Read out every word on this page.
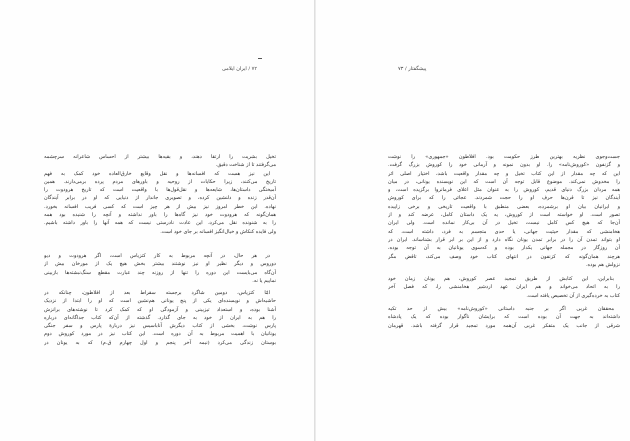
۷۲ / ایران ایلامی
تخیل بشریت را ارتقا دهند، و بقیه‌ها بیشتر از احساس شاعرانه سرچشمه
می‌گرفتند تا از شناخت دقیق.
این نیز هست که افسانه‌ها و نقل وقایع خارق‌العاده خود کمک به فهم
تاریخ می‌کنند، زیرا حکایات از روحیه و باورهای مردم پرده برمی‌دارند. همین
آمیختگی داستان‌ها، شایعه‌ها و نقل‌قول‌ها با واقعیت است که تاریخ هرودوت را
آن‌قدر زنده و دلنشین کرده، و تصویری جاندار از دنیایی که او در برابر آیندگان
نهاده. این خطر امروز نیز بیش از هر چیز است که کسی فریب افسانه بخورد.
همان‌گونه که هرودوت خود نیز گاه‌ها را باور نداشته و آنچه را شنیده بود همه
را به شنونده نقل می‌کرد، این عادت نادرستی نیست که همه آنها را باور داشته باشیم.
ولی فایده کنکاش و خیال‌انگیز افسانه بر جای خود است.
در هر حال، در آنچه مربوط به کار کتزیاس است، اگر هرودوت و دیو
دوروس و دیگر نظیر او نیز نوشتند بیشتر بخش هیچ یک از مورخان بیش از
آن‌گاه می‌بایست این دوره را تنها از روزنه چند عبارت مقطع سنگ‌نبشته‌ها بازبینی
نماییم یا نه.
امّا کتزیاس، دومین شاگرد برجسته سقراط بعد از افلاطون، چنانکه در
حاشیه‌اش و نویسنده‌ای یکی از پنج یونانی هم‌نشین است که او را ابتدا از نزدیک
آشنا بوده، و استعداد تیزبینی و آزمودگی او که کمک کرد تا نوشته‌های برانزش
را هم به ایران از خود به جای گذارد. گذشته از آن‌که کتاب جداگانه‌ای درباره
پارس نوشت، بخشی از کتاب دیگرش آناباسیس نیز دربارهٔ پارس و سفر جنگی
یونانیان با اهمیت مربوط به آن دوره است. این کتاب نیز در مورد کوروش دوم
بوستان زندگی می‌کرد (نیمه آخر پنجم و اول چهارم ق.م) که به یونان در
پیشگفتار / ۷۳
جست‌وجوی نظریه بهترین طرز حکومت بود. افلاطون «جمهوری» را نوشت
و گزنفون «کوروش‌نامه» را. او بدون نمونه و آرمانی خود را کوروش بزرگ گرفت.
این که چه مقدار از این کتاب تخیل و چه مقدار واقعیت باشد، اختیار اصلی اثر
را مخدوش نمی‌کند. موضوع قابل توجه آن است که این نویسنده یونانی، در میان
همه مردان بزرگ دنیای قدیم، کوروش را به عنوان مثل اعلای فرمانروا برگزیده است، و
آیندگان نیز تا قرن‌ها حرف او را حجت شمردند. عجائی را که برای کوروش
و ایرانیان بیان او برشمرده، بعضی منطبق با واقعیت تاریخی و برخی زاییده
تصور است. او خواسته است از کوروش، یه یک داستان کامل، عرضه کند و از
آن‌جا که هیچ کس کامل نیست، تخیل در آن بی‌کار نمانده است. ولی ایران
هخامنشی که مقدار حیثیت جهانی، یا حدی متجسم به فرد، داشته است، که
او بتواند تمدن آن را در برابر تمدن یونان نگاه دارد و از این بر ابر قرار بشناساند. ایران در
آن روزگار در مجمله جهانی یکدار بوده و که‌سوی یونانیان به آن توجه بوده،
هرچند همان‌گونه که کزنفون در انتهای کتاب خود وصف می‌کند، تاقض مگر
نزولش هم بوده.
بنابراین، این کتابش از طریق تمجید عصر کوروش، هم یونان زمان خود
را به اتحاد می‌خواند و هم ایران عهد اردشیر هخامنشی را، که فصل آخر
کتاب به خرده‌گیری از آن تخصیص یافته است.
محققان غربی اگر بر جنبه داستانی «کوروش‌نامه» بیش از حد تکیه
داشته‌اند به جهت آن بوده است که برایشان ناگوار بوده که یک پادشاه
شرقی از جانب یک متفکر غربی آن‌همه مورد تمجید قرار گرفته باشد. قهرمان
